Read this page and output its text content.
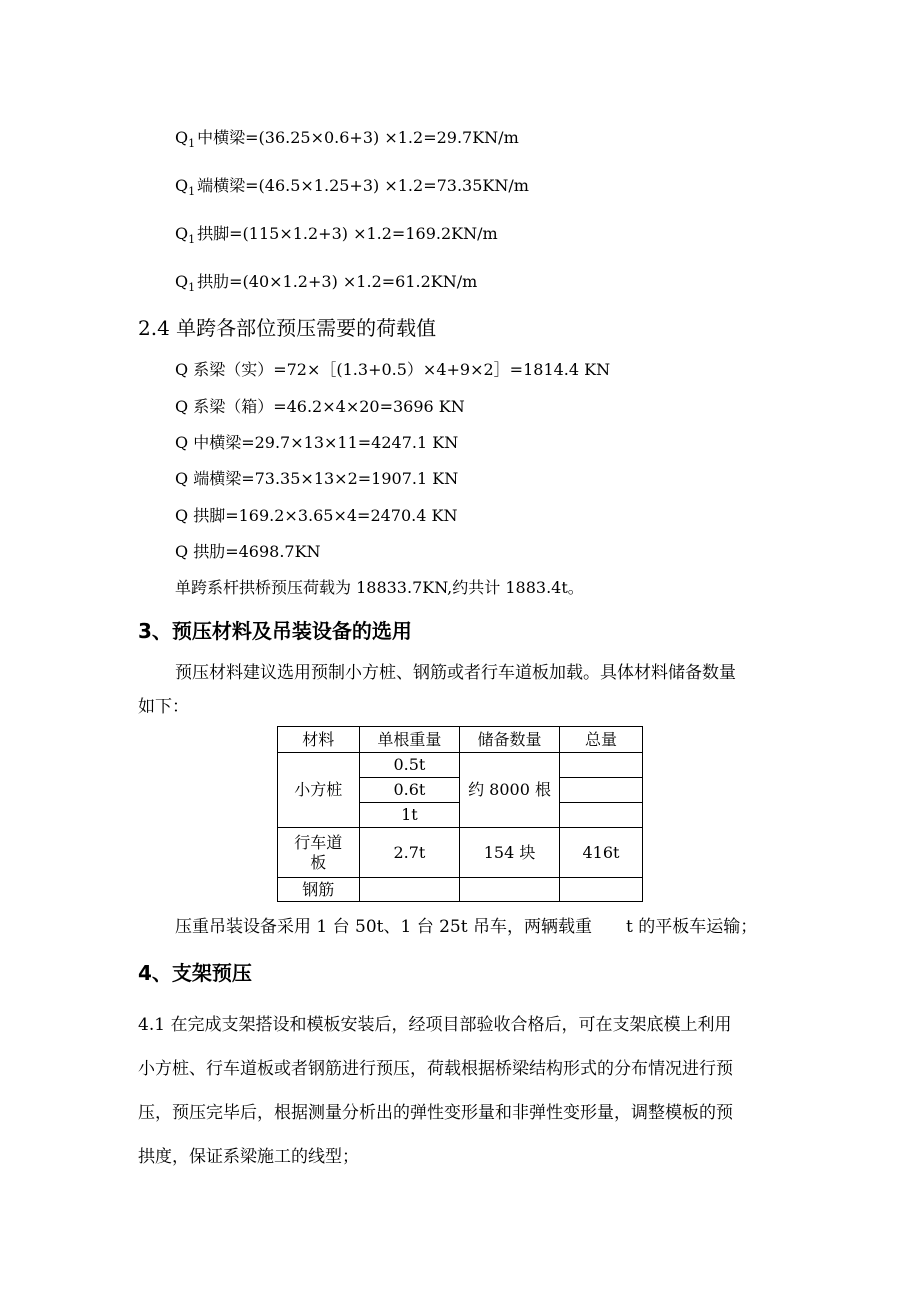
$Q_1$ 中横梁=(36.25×0.6+3) ×1.2=29.7KN/m
$Q_1$ 端横梁=(46.5×1.25+3) ×1.2=73.35KN/m
$Q_1$ 拱脚=(115×1.2+3) ×1.2=169.2KN/m
$Q_1$ 拱肋=(40×1.2+3) ×1.2=61.2KN/m
2.4 单跨各部位预压需要的荷载值
Q 系梁（实）=72×［(1.3+0.5）×4+9×2］=1814.4 KN
Q 系梁（箱）=46.2×4×20=3696 KN
Q 中横梁=29.7×13×11=4247.1 KN
Q 端横梁=73.35×13×2=1907.1 KN
Q 拱脚=169.2×3.65×4=2470.4 KN
Q 拱肋=4698.7KN
单跨系杆拱桥预压荷载为 18833.7KN,约共计 1883.4t。
3、预压材料及吊装设备的选用
预压材料建议选用预制小方桩、钢筋或者行车道板加载。具体材料储备数量
如下：
材料	单根重量	储备数量	总量
小方桩	0.5t	约 8000 根	
	0.6t		
	1t		

行车道
板	2.7t	154 块	416t
钢筋			
压重吊装设备采用 1 台 50t、1 台 25t 吊车，两辆载重 t 的平板车运输；
4、支架预压
4.1 在完成支架搭设和模板安装后，经项目部验收合格后，可在支架底模上利用
小方桩、行车道板或者钢筋进行预压，荷载根据桥梁结构形式的分布情况进行预
压，预压完毕后，根据测量分析出的弹性变形量和非弹性变形量，调整模板的预
拱度，保证系梁施工的线型；
